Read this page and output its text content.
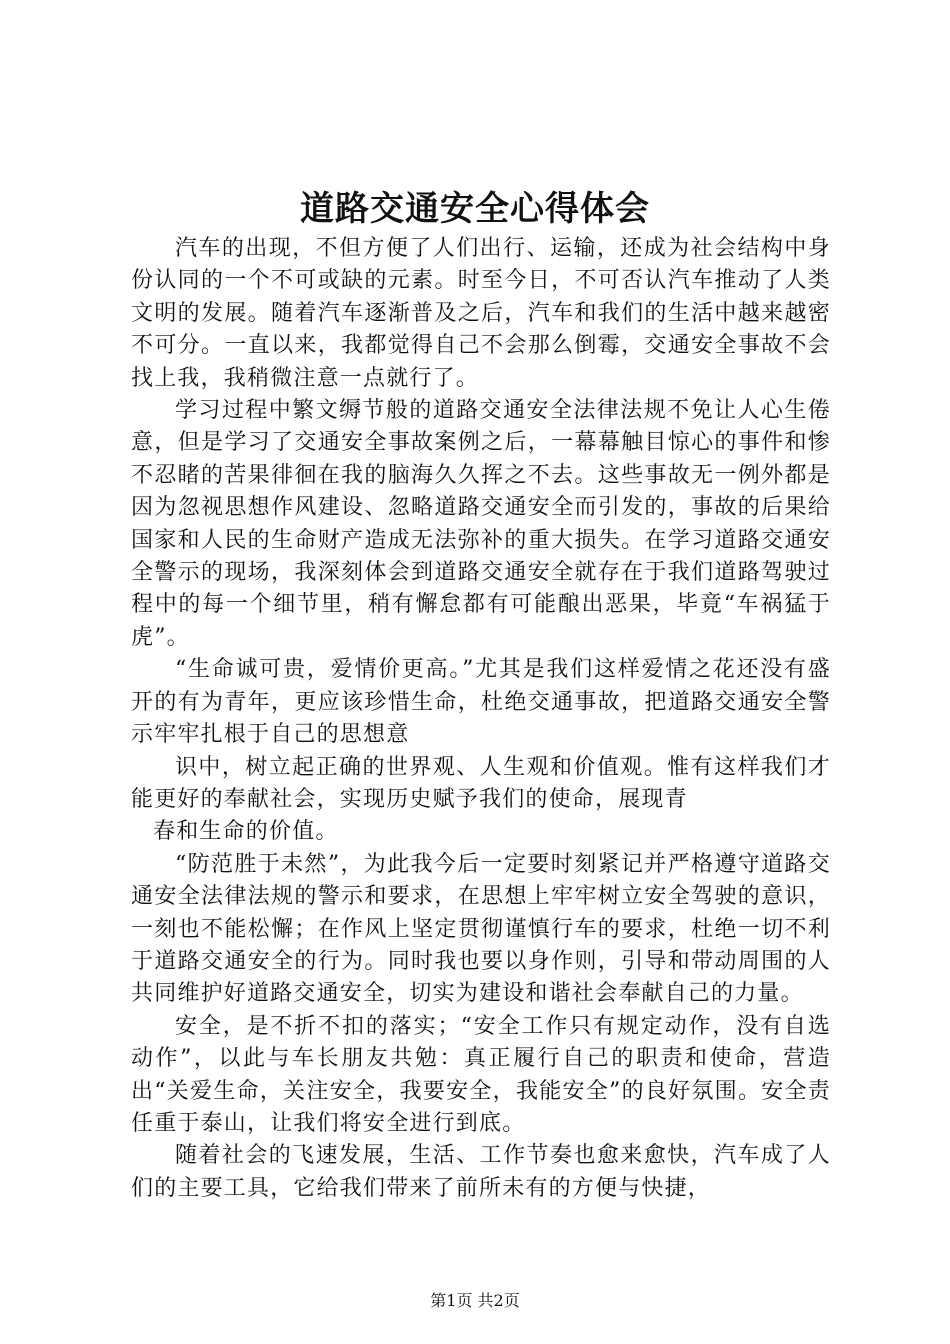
道路交通安全心得体会

汽车的出现，不但方便了人们出行、运输，还成为社会结构中身份认同的一个不可或缺的元素。时至今日，不可否认汽车推动了人类文明的发展。随着汽车逐渐普及之后，汽车和我们的生活中越来越密不可分。一直以来，我都觉得自己不会那么倒霉，交通安全事故不会找上我，我稍微注意一点就行了。

学习过程中繁文缛节般的道路交通安全法律法规不免让人心生倦意，但是学习了交通安全事故案例之后，一幕幕触目惊心的事件和惨不忍睹的苦果徘徊在我的脑海久久挥之不去。这些事故无一例外都是因为忽视思想作风建设、忽略道路交通安全而引发的，事故的后果给国家和人民的生命财产造成无法弥补的重大损失。在学习道路交通安全警示的现场，我深刻体会到道路交通安全就存在于我们道路驾驶过程中的每一个细节里，稍有懈怠都有可能酿出恶果，毕竟“车祸猛于虎”。

“生命诚可贵，爱情价更高。”尤其是我们这样爱情之花还没有盛开的有为青年，更应该珍惜生命，杜绝交通事故，把道路交通安全警示牢牢扎根于自己的思想意

识中，树立起正确的世界观、人生观和价值观。惟有这样我们才能更好的奉献社会，实现历史赋予我们的使命，展现青

春和生命的价值。

“防范胜于未然”，为此我今后一定要时刻紧记并严格遵守道路交通安全法律法规的警示和要求，在思想上牢牢树立安全驾驶的意识，一刻也不能松懈；在作风上坚定贯彻谨慎行车的要求，杜绝一切不利于道路交通安全的行为。同时我也要以身作则，引导和带动周围的人共同维护好道路交通安全，切实为建设和谐社会奉献自己的力量。

安全，是不折不扣的落实；“安全工作只有规定动作，没有自选动作”，以此与车长朋友共勉：真正履行自己的职责和使命，营造出“关爱生命，关注安全，我要安全，我能安全”的良好氛围。安全责任重于泰山，让我们将安全进行到底。

随着社会的飞速发展，生活、工作节奏也愈来愈快，汽车成了人们的主要工具，它给我们带来了前所未有的方便与快捷，

第1页 共2页
